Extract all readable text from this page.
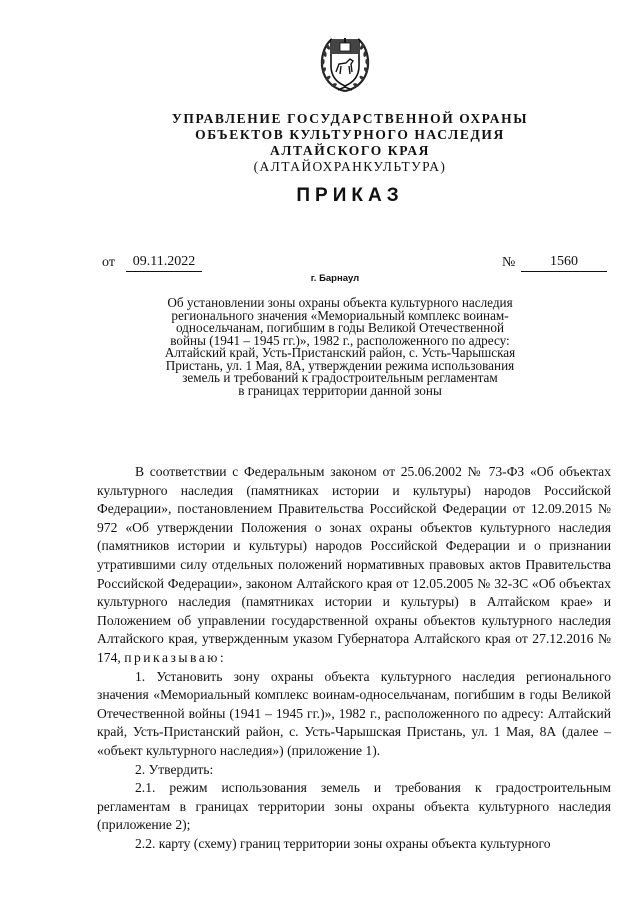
УПРАВЛЕНИЕ ГОСУДАРСТВЕННОЙ ОХРАНЫ
ОБЪЕКТОВ КУЛЬТУРНОГО НАСЛЕДИЯ
АЛТАЙСКОГО КРАЯ
(АЛТАЙОХРАНКУЛЬТУРА)
ПРИКАЗ
от	09.11.2022	№	1560
г. Барнаул
Об установлении зоны охраны объекта культурного наследия
регионального значения «Мемориальный комплекс воинам-
односельчанам, погибшим в годы Великой Отечественной
войны (1941 – 1945 гг.)», 1982 г., расположенного по адресу:
Алтайский край, Усть-Пристанский район, с. Усть-Чарышская
Пристань, ул. 1 Мая, 8А, утверждении режима использования
земель и требований к градостроительным регламентам
в границах территории данной зоны

В соответствии с Федеральным законом от 25.06.2002 № 73-ФЗ «Об объектах культурного наследия (памятниках истории и культуры) народов Российской Федерации», постановлением Правительства Российской Федерации от 12.09.2015 № 972 «Об утверждении Положения о зонах охраны объектов культурного наследия (памятников истории и культуры) народов Российской Федерации и о признании утратившими силу отдельных положений нормативных правовых актов Правительства Российской Федерации», законом Алтайского края от 12.05.2005 № 32-ЗС «Об объектах культурного наследия (памятниках истории и культуры) в Алтайском крае» и Положением об управлении государственной охраны объектов культурного наследия Алтайского края, утвержденным указом Губернатора Алтайского края от 27.12.2016 № 174, приказываю:

1. Установить зону охраны объекта культурного наследия регионального значения «Мемориальный комплекс воинам-односельчанам, погибшим в годы Великой Отечественной войны (1941 – 1945 гг.)», 1982 г., расположенного по адресу: Алтайский край, Усть-Пристанский район, с. Усть-Чарышская Пристань, ул. 1 Мая, 8А (далее – «объект культурного наследия») (приложение 1).

2. Утвердить:

2.1. режим использования земель и требования к градостроительным регламентам в границах территории зоны охраны объекта культурного наследия (приложение 2);

2.2. карту (схему) границ территории зоны охраны объекта культурного
